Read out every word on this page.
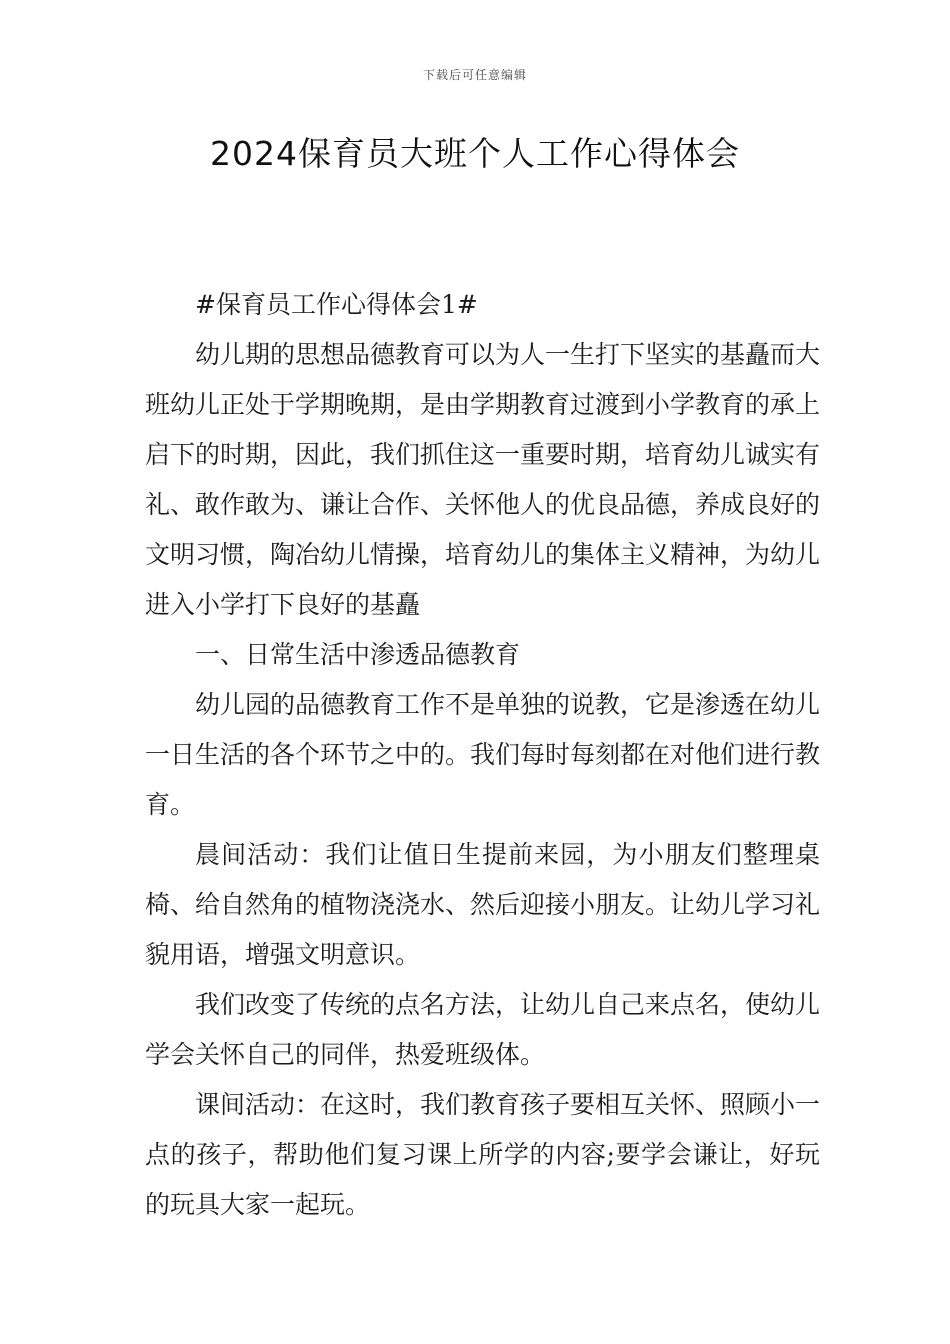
下载后可任意编辑
2024保育员大班个人工作心得体会

#保育员工作心得体会1#

幼儿期的思想品德教育可以为人一生打下坚实的基矗而大班幼儿正处于学期晚期，是由学期教育过渡到小学教育的承上启下的时期，因此，我们抓住这一重要时期，培育幼儿诚实有礼、敢作敢为、谦让合作、关怀他人的优良品德，养成良好的文明习惯，陶冶幼儿情操，培育幼儿的集体主义精神，为幼儿进入小学打下良好的基矗

一、日常生活中渗透品德教育

幼儿园的品德教育工作不是单独的说教，它是渗透在幼儿一日生活的各个环节之中的。我们每时每刻都在对他们进行教育。

晨间活动：我们让值日生提前来园，为小朋友们整理桌椅、给自然角的植物浇浇水、然后迎接小朋友。让幼儿学习礼貌用语，增强文明意识。

我们改变了传统的点名方法，让幼儿自己来点名，使幼儿学会关怀自己的同伴，热爱班级体。

课间活动：在这时，我们教育孩子要相互关怀、照顾小一点的孩子，帮助他们复习课上所学的内容;要学会谦让，好玩的玩具大家一起玩。
